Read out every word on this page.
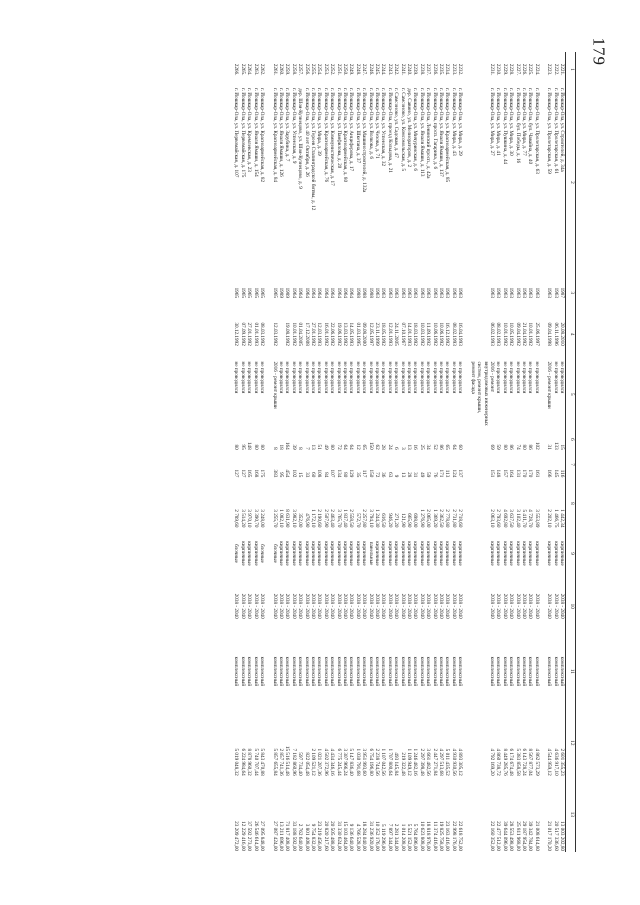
179
1	2	3	4	5	6	7	8	9	10	11	12	13
2221.	г. Йошкар-Ола, ул. Строителей, д. 34а	1987	20.08.2010	не проводился	15	116	1 442,34	кирпичные	2038 - 2040	комплексный	2 601 355,23	13 003 202,80
2222.	г. Йошкар-Ола, ул. Пролетарская, д. 61	1963	06.11.1996	не проводился	133	145	1 466,75	кирпичные	2038 - 2040	комплексный	4 636 917,10	20 517 336,60
2223.	г. Йошкар-Ола, ул. Пролетарская, д. 59	1963	09.04.1998	2016 - ремонт крыши	31	166	2 202,10	кирпичные	2038 - 2040	комплексный	4 544 959,12	21 017 170,20

2224.	г. Йошкар-Ола, ул. Пролетарская, д. 63	1963	25.06.1997	не проводился	102	161	3 553,89	кирпичные	2038 - 2040	комплексный	4 862 573,29	21 008 614,80
2225.	г. Йошкар-Ола, бул. Чавайна, д. 40	1963	10.01.1992	не проводился	86	170	4 728,70	кирпичные	2038 - 2040	комплексный	8 567 877,04	39 342 784,00
2226.	г. Йошкар-Ола, ул. Мира, д. 77	1963	21.04.1992	не проводился	80	170	5 411,70	кирпичные	2038 - 2040	комплексный	6 143 728,24	29 187 954,00
2227.	г. Йошкар-Ола, бул. Победы, д. 16	1963	09.04.1992	не проводился	74	131	3 102,40	кирпичные	2038 - 2040	комплексный	5 383 858,58	25 811 968,00
2228.	г. Йошкар-Ола, ул. Мира, д. 30	1963	10.05.1992	не проводился	86	164	3 637,50	кирпичные	2038 - 2040	комплексный	6 174 674,48	28 553 498,00
2229.	г. Йошкар-Ола, ул. Пушкина, д. 44	1963	10.01.1992	не проводился	80	157	4 692,80	кирпичные	2038 - 2040	комплексный	8 449 285,76	39 644 096,00
2230.	г. Йошкар-Ола, ул. Мира, д. 41	1963	08.02.1993	не проводился	59	148	2 793,60	кирпичные	2038 - 2040	комплексный	4 860 738,72	22 477 512,00
2231.	г. Йошкар-Ола, ул. Мира, д. 27	1963	06.02.1993	2016 - ремонт внутридомовых инженерных систем, ремонт крыши, ремонт фасада	69	151	2 063,10	кирпичные	2038 - 2040	комплексный	4 792 169,20	22 160 352,00

2232.	г. Йошкар-Ола, ул. Мира, д. 29	1963	16.04.1993	не проводился	60	137	2 718,60	кирпичные	2038 - 2040	комплексный	4 893 305,12	22 618 752,00
2233.	г. Йошкар-Ола, ул. Мира, д. 43	1963	08.02.1993	не проводился	64	124	2 731,80	кирпичные	2038 - 2040	комплексный	4 930 930,56	22 998 176,00
2234.	г. Йошкар-Ола, ул. Красноармейская, д. 85	1963	16.12.1992	не проводился	65	113	2 778,80	кирпичные	2038 - 2040	комплексный	5 011 435,52	23 163 416,00
2235.	г. Йошкар-Ола, ул. Яналя Ямаши, д. 137	1963	10.06.1992	не проводился	86	171	2 362,50	кирпичные	2038 - 2040	комплексный	4 297 513,68	19 825 758,00
2236.	г. Йошкар-Ола, просп. Гагарина, д. 6	1963	10.06.1992	не проводился	52	76	1 369,20	кирпичные	2038 - 2040	комплексный	2 447 271,84	11 374 416,00
2237.	г. Йошкар-Ола, Ленинский просп., д. 42а	1963	11.09.1992	не проводился	34	59	2 065,00	кирпичные	2038 - 2040	комплексный	3 661 482,56	18 818 976,00
2238.	г. Йошкар-Ола, ул. Яналя Ямаши, д. 113	1963	10.03.1992	не проводился	25	49	1 276,90	кирпичные	2038 - 2040	комплексный	2 297 398,48	10 623 808,00
2239.	г. Йошкар-Ола, ул. Мичуринская, д. 6	1963	18.03.1992	не проводился	16	31	698,00	кирпичные	2038 - 2040	комплексный	1 246 482,16	5 764 096,00
2240.	дер. Савино, ул. Мелиораторов, д. 2	1963	14.01.1993	не проводился	13	28	665,90	кирпичные	2038 - 2040	комплексный	1 109 949,12	5 521 152,00
2241.	г. Самсоново, ул. Комсомольская, д. 5	1963	07.10.1967	не проводился	3	13	121,90	кирпичные	2038 - 2040	комплексный	219 322,48	1 014 208,00
2242.	г. Самсоново, ул. Садовая, д. 47	1963	24.11.2005	не проводился	6	9	271,20	кирпичные	2038 - 2040	комплексный	493 145,84	2 281 344,00
2243.	г. Йошкар-Ола, проезд Кольцова, д. 21	1963	12.01.1993	не проводился	24	63	946,20	кирпичные	2038 - 2040	комплексный	1 707 800,64	7 897 344,00
2244.	г. Йошкар-Ола, ул. Успенская, д. 32	1963	18.05.1992	не проводился	28	36	616,50	кирпичные	2038 - 2040	комплексный	1 107 042,56	5 119 296,00
2245.	г. Йошкар-Ола, ул. Чехова, д. 71	1963	23.11.1999	не проводился	62	72	1 244,30	кирпичные	2038 - 2040	комплексный	2 238 744,56	10 352 176,00
2246.	г. Йошкар-Ола, ул. Волкова, д. 6	1988	12.05.1997	не проводился	150	150	3 794,10	панельные	2038 - 2040	комплексный	6 754 196,80	31 236 920,00
2247.	г. Йошкар-Ола, ул. Машиностроителей, д. 132а	1988	09.08.2000	не проводился	65	117	2 257,80	кирпичные	2038 - 2040	комплексный	3 951 993,60	18 284 040,00
2248.	г. Йошкар-Ола, ул. Шкетана, д. 37	1988	01.03.1995	не проводился	12	35	572,70	кирпичные	2038 - 2040	комплексный	1 030 791,68	4 766 528,00
2249.	г. Йошкар-Ола, ул. Анциферова, д. 17	1964	14.05.1993	не проводился	64	129	2 558,50	кирпичные	2038 - 2040	комплексный	5 147 836,40	9 136 640,00
2250.	г. Йошкар-Ола, ул. Красноармейская, д. 80	1964	13.03.1992	не проводился	64	80	1 837,40	кирпичные	2038 - 2040	комплексный	3 307 966,24	15 103 464,00
2251.	г. Йошкар-Ола, ул. Панфилова, д. 20	1964	19.06.1992	не проводился	72	134	3 765,70	кирпичные	2038 - 2040	комплексный	6 775 245,44	31 330 624,00
2252.	г. Йошкар-Ола, ул. Коммунистическая, д. 17	1964	22.06.1992	не проводился	80	107	2 463,40	кирпичные	2038 - 2040	комплексный	4 434 346,16	20 505 488,00
2253.	г. Йошкар-Ола, ул. Красноармейская, д. 76	1964	16.01.1992	не проводился	49	84	2 507,90	кирпичные	2038 - 2040	комплексный	4 502 372,96	20 820 217,60
2254.	г. Йошкар-Ола, ул. Мира, д. 39	1964	12.03.1993	не проводился	51	108	2 190,60	кирпичные	2038 - 2040	комплексный	1 021 207,36	23 219 456,00
2255.	г. Йошкар-Ола, ул. Героев Сталинградской битвы, д. 12	1964	27.01.1992	не проводился	13	60	1 172,10	кирпичные	2038 - 2040	комплексный	2 109 521,12	9 754 832,00
2256.	г. Йошкар-Ола, ул. 40 лет Октября, д. 26	1964	17.12.2008	не проводился	7	33	476,90	кирпичные	2038 - 2040	комплексный	822 054,48	3 801 408,00
2257.	дер. Шоя-Кузнецово, ул. Шоя-Кузнецово, д. 9	1964	01.04.2005	не проводился	8	15	352,00	кирпичные	2038 - 2040	комплексный	597 734,40	2 762 640,00
2258.	г. Йошкар-Ола, ул. Успенская, д. 9	1964	10.01.1992	не проводился	39	102	3 982,10	кирпичные	2038 - 2040	комплексный	7 182 860,96	33 188 592,00
2259.	г. Йошкар-Ола, ул. Зарубина, д. 7	1989	19.08.1992	не проводился	164	454	8 631,90	кирпичные	2038 - 2040	комплексный	15 516 514,48	71 817 408,00
2260.	г. Йошкар-Ола, ул. Яналя Ямаши, д. 126	1989		не проводился	18	95	1 082,10	кирпичные	2038 - 2040	комплексный	2 857 741,36	13 211 696,00
2261.	г. Йошкар-Ола, ул. Красноармейская, д. 84	1965	12.03.1992	2016 - ремонт крыши	8	383	3 255,70	блочные	2038 - 2040	комплексный	5 857 655,84	27 087 424,00

2262.	г. Йошкар-Ола, ул. Красноармейская, д. 82	1965	08.03.1992	не проводился	80	175	3 248,00	блочные	2038 - 2040	комплексный	5 843 470,88	27 095 848,00
2263.	г. Йошкар-Ола, ул. Яналя Ямаши, д. 154	1965	01.01.1993	не проводился	80	168	3 390,70	кирпичные	2038 - 2040	комплексный	5 740 707,44	26 546 614,00
2264.	г. Йошкар-Ола, ул. Кремлевская, д. 23	1965	27.01.1992	не проводился	148	165	3 970,10	кирпичные	2038 - 2040	комплексный	8 878 960,32	37 592 273,00
2265.	г. Йошкар-Ола, ул. Первомайская, д. 175	1965	07.09.1992	не проводился	95	127	3 514,20	кирпичные	2038 - 2040	комплексный	6 224 984,64	12 229 416,00
2266.	г. Йошкар-Ола, ул. Первомайская, д. 107	1965	30.12.1992	не проводился	80	127	2 789,60	блочные	2038 - 2040	комплексный	5 019 048,32	23 209 472,00
